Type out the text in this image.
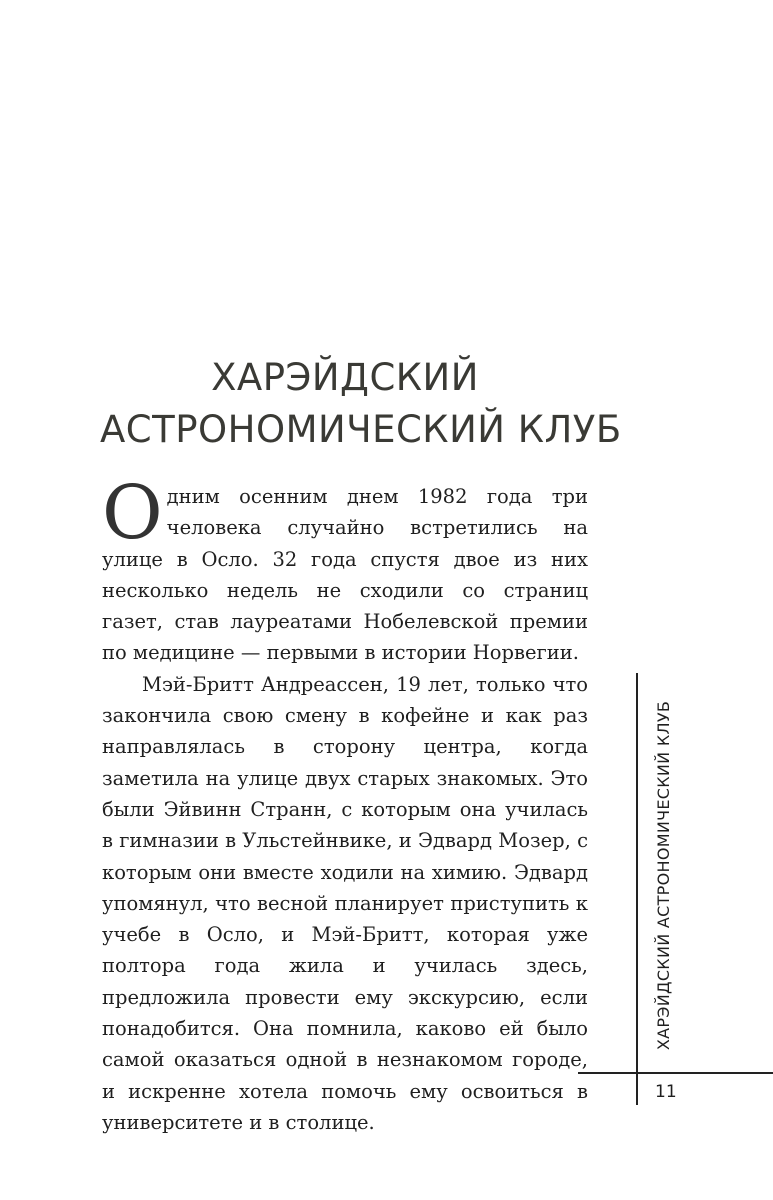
ХАРЭЙДСКИЙ
АСТРОНОМИЧЕСКИЙ КЛУБ

Одним осенним днем 1982 года три человека случайно встретились на улице в Осло. 32 года спустя двое из них несколько недель не сходили со страниц газет, став лауреатами Нобелевской премии по медицине — первыми в истории Норвегии.

Мэй-Бритт Андреассен, 19 лет, только что закончила свою смену в кофейне и как раз направлялась в сторону центра, когда заметила на улице двух старых знакомых. Это были Эйвинн Странн, с которым она училась в гимназии в Ульстейнвике, и Эдвард Мозер, с которым они вместе ходили на химию. Эдвард упомянул, что весной планирует приступить к учебе в Осло, и Мэй-Бритт, которая уже полтора года жила и училась здесь, предложила провести ему экскурсию, если понадобится. Она помнила, каково ей было самой оказаться одной в незнакомом городе, и искренне хотела помочь ему освоиться в университете и в столице.

ХАРЭЙДСКИЙ АСТРОНОМИЧЕСКИЙ КЛУБ
11
